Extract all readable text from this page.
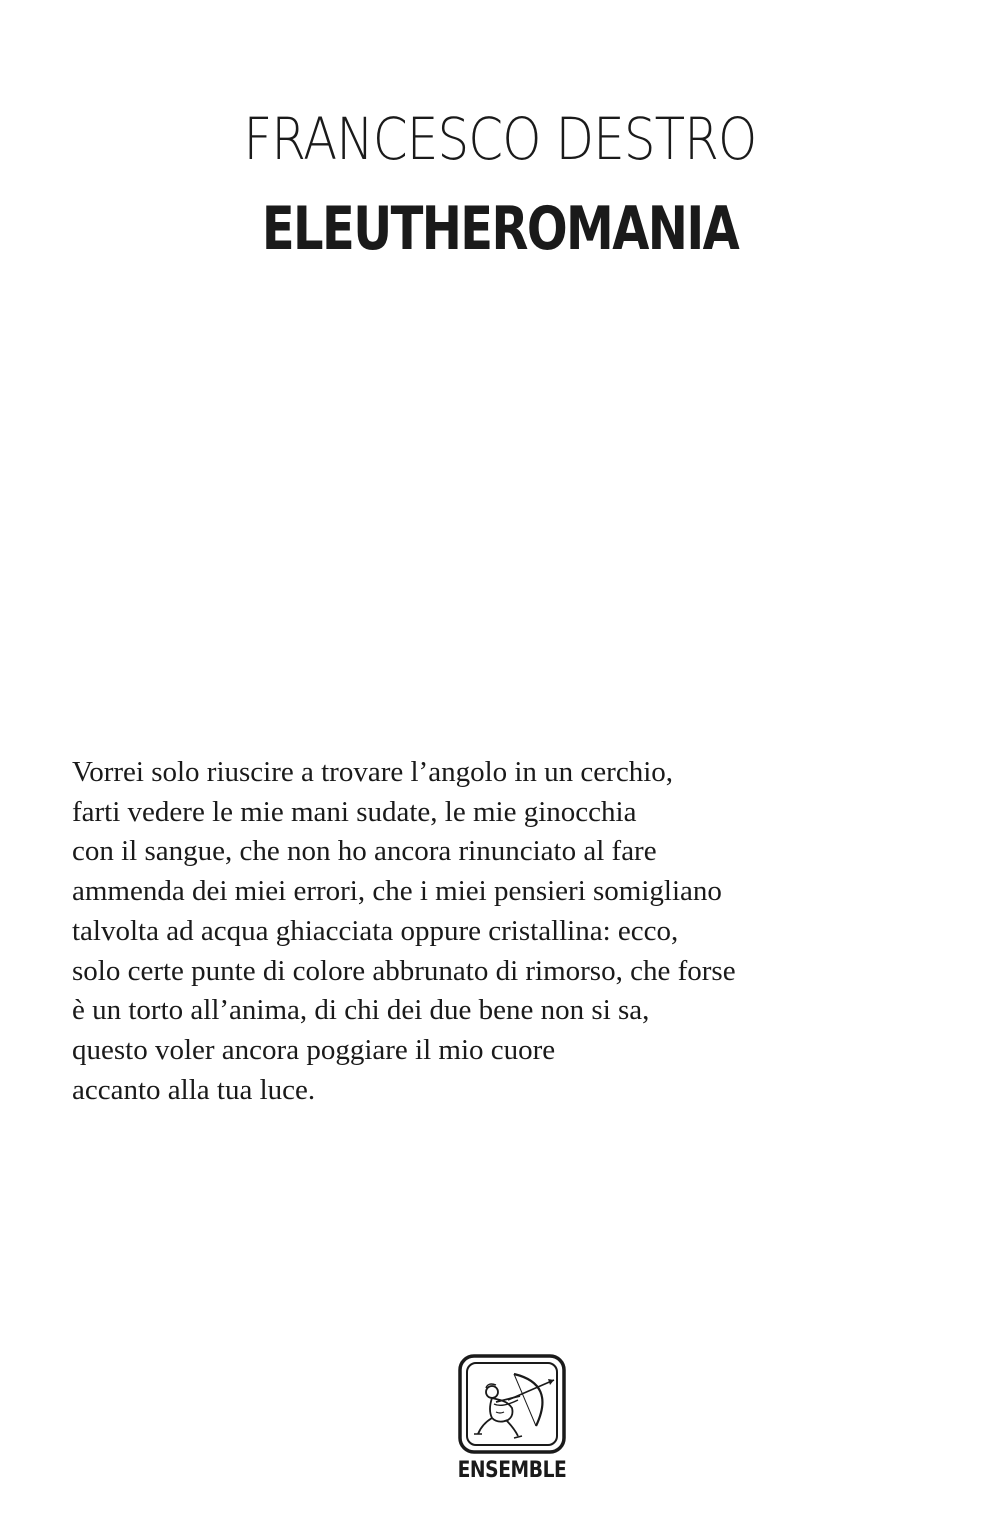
FRANCESCO DESTRO
ELEUTHEROMANIA
Vorrei solo riuscire a trovare l’angolo in un cerchio,
farti vedere le mie mani sudate, le mie ginocchia
con il sangue, che non ho ancora rinunciato al fare
ammenda dei miei errori, che i miei pensieri somigliano
talvolta ad acqua ghiacciata oppure cristallina: ecco,
solo certe punte di colore abbrunato di rimorso, che forse
è un torto all’anima, di chi dei due bene non si sa,
questo voler ancora poggiare il mio cuore
accanto alla tua luce.
ENSEMBLE
